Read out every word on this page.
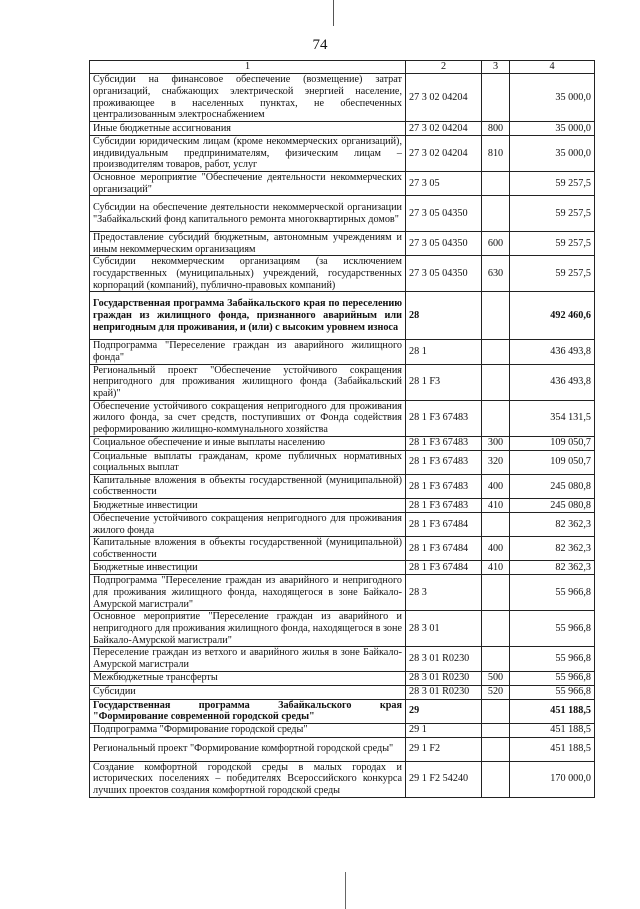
74
1	2	3	4
Субсидии на финансовое обеспечение (возмещение) затрат организаций, снабжающих электрической энергией население, проживающее в населенных пунктах, не обеспеченных централизованным электроснабжением	27 3 02 04204		35 000,0
Иные бюджетные ассигнования	27 3 02 04204	800	35 000,0
Субсидии юридическим лицам (кроме некоммерческих организаций), индивидуальным предпринимателям, физическим лицам – производителям товаров, работ, услуг	27 3 02 04204	810	35 000,0
Основное мероприятие "Обеспечение деятельности некоммерческих организаций"	27 3 05		59 257,5
Субсидии на обеспечение деятельности некоммерческой организации "Забайкальский фонд капитального ремонта многоквартирных домов"	27 3 05 04350		59 257,5
Предоставление субсидий бюджетным, автономным учреждениям и иным некоммерческим организациям	27 3 05 04350	600	59 257,5
Субсидии некоммерческим организациям (за исключением государственных (муниципальных) учреждений, государственных корпораций (компаний), публично-правовых компаний)	27 3 05 04350	630	59 257,5
Государственная программа Забайкальского края по переселению граждан из жилищного фонда, признанного аварийным или непригодным для проживания, и (или) с высоким уровнем износа	28		492 460,6
Подпрограмма "Переселение граждан из аварийного жилищного фонда"	28 1		436 493,8
Региональный проект "Обеспечение устойчивого сокращения непригодного для проживания жилищного фонда (Забайкальский край)"	28 1 F3		436 493,8
Обеспечение устойчивого сокращения непригодного для проживания жилого фонда, за счет средств, поступивших от Фонда содействия реформированию жилищно-коммунального хозяйства	28 1 F3 67483		354 131,5
Социальное обеспечение и иные выплаты населению	28 1 F3 67483	300	109 050,7
Социальные выплаты гражданам, кроме публичных нормативных социальных выплат	28 1 F3 67483	320	109 050,7
Капитальные вложения в объекты государственной (муниципальной) собственности	28 1 F3 67483	400	245 080,8
Бюджетные инвестиции	28 1 F3 67483	410	245 080,8
Обеспечение устойчивого сокращения непригодного для проживания жилого фонда	28 1 F3 67484		82 362,3
Капитальные вложения в объекты государственной (муниципальной) собственности	28 1 F3 67484	400	82 362,3
Бюджетные инвестиции	28 1 F3 67484	410	82 362,3
Подпрограмма "Переселение граждан из аварийного и непригодного для проживания жилищного фонда, находящегося в зоне Байкало-Амурской магистрали"	28 3		55 966,8
Основное мероприятие "Переселение граждан из аварийного и непригодного для проживания жилищного фонда, находящегося в зоне Байкало-Амурской магистрали"	28 3 01		55 966,8
Переселение граждан из ветхого и аварийного жилья в зоне Байкало-Амурской магистрали	28 3 01 R0230		55 966,8
Межбюджетные трансферты	28 3 01 R0230	500	55 966,8
Субсидии	28 3 01 R0230	520	55 966,8
Государственная программа Забайкальского края "Формирование современной городской среды"	29		451 188,5
Подпрограмма "Формирование городской среды"	29 1		451 188,5
Региональный проект "Формирование комфортной городской среды"	29 1 F2		451 188,5
Создание комфортной городской среды в малых городах и исторических поселениях – победителях Всероссийского конкурса лучших проектов создания комфортной городской среды	29 1 F2 54240		170 000,0
